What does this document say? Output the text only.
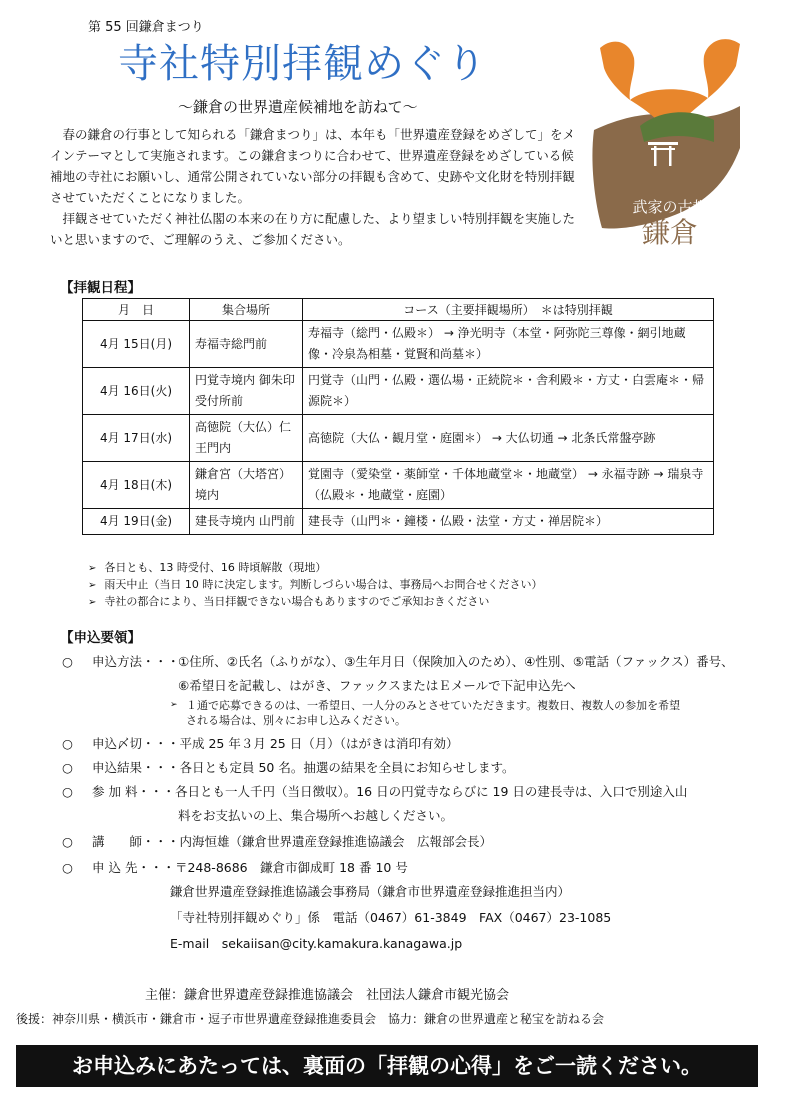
第 55 回鎌倉まつり
寺社特別拝観めぐり
～鎌倉の世界遺産候補地を訪ねて～
武家の古都
鎌倉

春の鎌倉の行事として知られる「鎌倉まつり」は、本年も「世界遺産登録をめざして」をメインテーマとして実施されます。この鎌倉まつりに合わせて、世界遺産登録をめざしている候補地の寺社にお願いし、通常公開されていない部分の拝観も含めて、史跡や文化財を特別拝観させていただくことになりました。

拝観させていただく神社仏閣の本来の在り方に配慮した、より望ましい特別拝観を実施したいと思いますので、ご理解のうえ、ご参加ください。

【拝観日程】
月　日	集合場所	コース（主要拝観場所）　＊は特別拝観
4月 15日(月)	寿福寺総門前	寿福寺（総門・仏殿＊） → 浄光明寺（本堂・阿弥陀三尊像・網引地蔵像・冷泉為相墓・覚賢和尚墓＊）
4月 16日(火)	円覚寺境内 御朱印受付所前	円覚寺（山門・仏殿・選仏場・正続院＊・舎利殿＊・方丈・白雲庵＊・帰源院＊）
4月 17日(水)	高徳院（大仏）仁王門内	高徳院（大仏・観月堂・庭園＊） → 大仏切通 → 北条氏常盤亭跡
4月 18日(木)	鎌倉宮（大塔宮）境内	覚園寺（愛染堂・薬師堂・千体地蔵堂＊・地蔵堂） → 永福寺跡 → 瑞泉寺（仏殿＊・地蔵堂・庭園）
4月 19日(金)	建長寺境内 山門前	建長寺（山門＊・鐘楼・仏殿・法堂・方丈・禅居院＊）
➢ 各日とも、13 時受付、16 時頃解散（現地）
➢ 雨天中止（当日 10 時に決定します。判断しづらい場合は、事務局へお問合せください）
➢ 寺社の都合により、当日拝観できない場合もありますのでご承知おきください
【申込要領】
○ 申込方法・・・
①住所、②氏名（ふりがな）、③生年月日（保険加入のため）、④性別、⑤電話（ファックス）番号、⑥希望日を記載し、はがき、ファックスまたはＥメールで下記申込先へ
➢ １通で応募できるのは、一希望日、一人分のみとさせていただきます。複数日、複数人の参加を希望
される場合は、別々にお申し込みください。
○ 申込〆切・・・平成 25 年３月 25 日（月）（はがきは消印有効）
○ 申込結果・・・各日とも定員 50 名。抽選の結果を全員にお知らせします。
○ 参 加 料・・・各日とも一人千円（当日徴収）。16 日の円覚寺ならびに 19 日の建長寺は、入口で別途入山
料をお支払いの上、集合場所へお越しください。
○ 講　　師・・・内海恒雄（鎌倉世界遺産登録推進協議会　広報部会長）
○ 申 込 先・・・〒248-8686　鎌倉市御成町 18 番 10 号
鎌倉世界遺産登録推進協議会事務局（鎌倉市世界遺産登録推進担当内）
「寺社特別拝観めぐり」係　電話（0467）61-3849　FAX（0467）23-1085
E-mail　sekaiisan@city.kamakura.kanagawa.jp
主催：鎌倉世界遺産登録推進協議会　社団法人鎌倉市観光協会
後援：神奈川県・横浜市・鎌倉市・逗子市世界遺産登録推進委員会　協力：鎌倉の世界遺産と秘宝を訪ねる会
お申込みにあたっては、裏面の「拝観の心得」をご一読ください。
